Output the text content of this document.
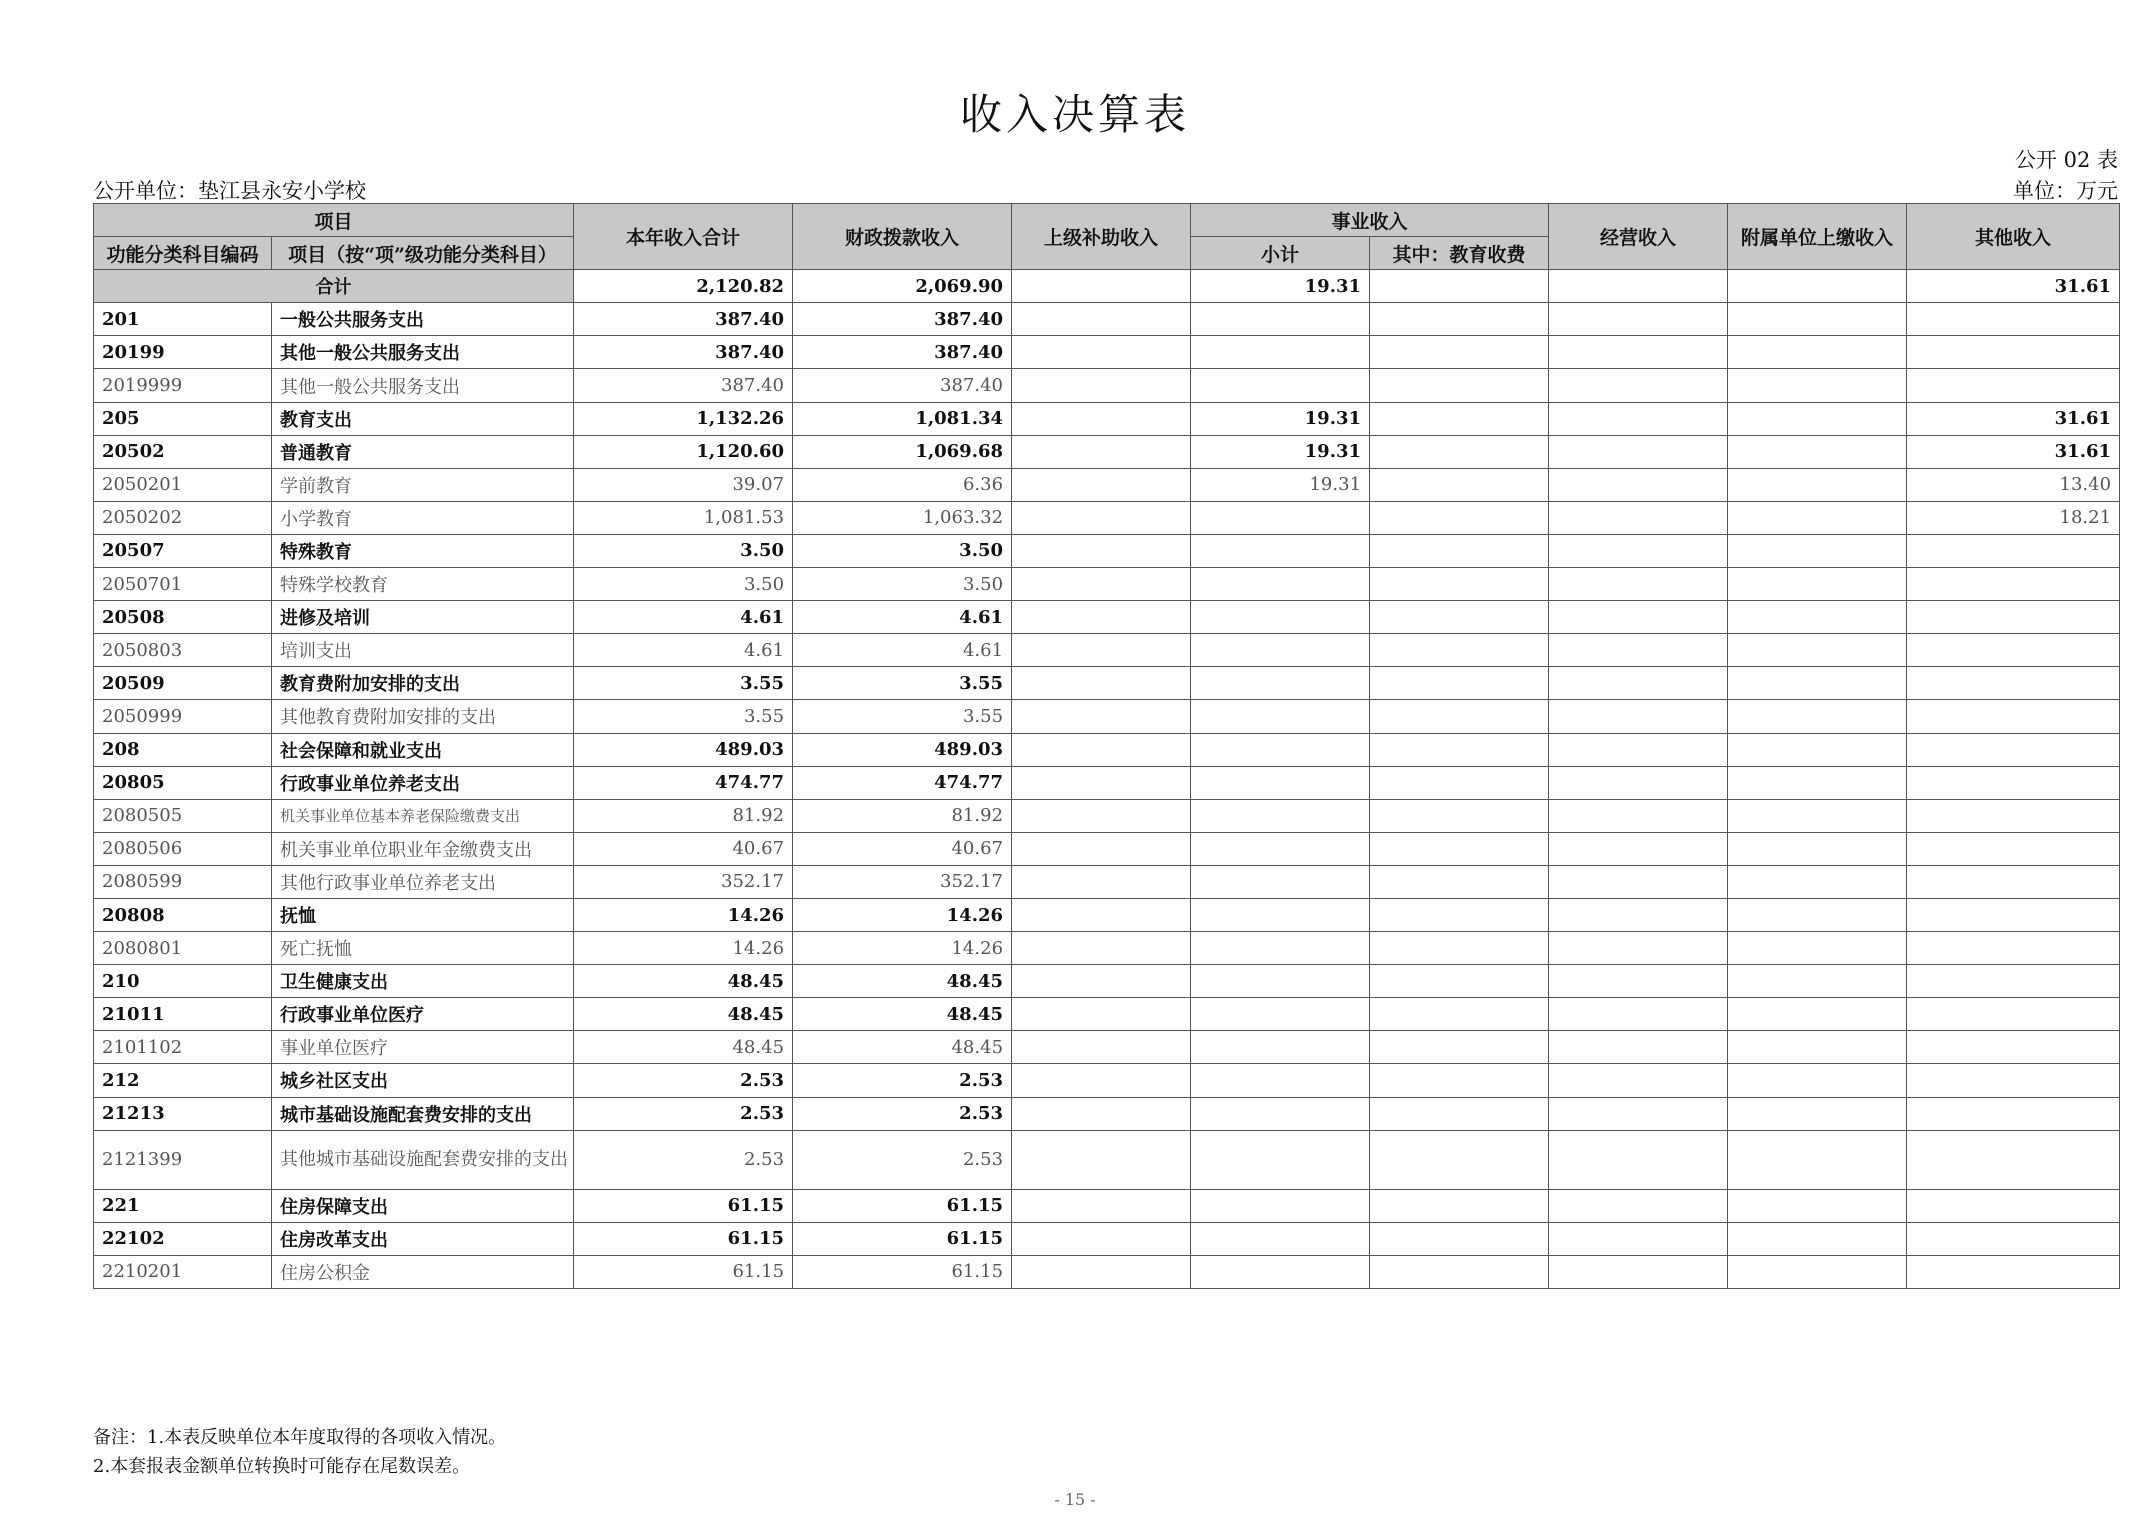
收入决算表
公开 02 表
公开单位：垫江县永安小学校	单位：万元
项目		本年收入合计	财政拨款收入	上级补助收入	事业收入		经营收入	附属单位上缴收入	其他收入
功能分类科目编码	项目（按“项”级功能分类科目）				小计	其中：教育收费			
合计		2,120.82	2,069.90		19.31				31.61
201	一般公共服务支出	387.40	387.40						
20199	其他一般公共服务支出	387.40	387.40						
2019999	其他一般公共服务支出	387.40	387.40						
205	教育支出	1,132.26	1,081.34		19.31				31.61
20502	普通教育	1,120.60	1,069.68		19.31				31.61
2050201	学前教育	39.07	6.36		19.31				13.40
2050202	小学教育	1,081.53	1,063.32						18.21
20507	特殊教育	3.50	3.50						
2050701	特殊学校教育	3.50	3.50						
20508	进修及培训	4.61	4.61						
2050803	培训支出	4.61	4.61						
20509	教育费附加安排的支出	3.55	3.55						
2050999	其他教育费附加安排的支出	3.55	3.55						
208	社会保障和就业支出	489.03	489.03						
20805	行政事业单位养老支出	474.77	474.77						
2080505	机关事业单位基本养老保险缴费支出	81.92	81.92						
2080506	机关事业单位职业年金缴费支出	40.67	40.67						
2080599	其他行政事业单位养老支出	352.17	352.17						
20808	抚恤	14.26	14.26						
2080801	死亡抚恤	14.26	14.26						
210	卫生健康支出	48.45	48.45						
21011	行政事业单位医疗	48.45	48.45						
2101102	事业单位医疗	48.45	48.45						
212	城乡社区支出	2.53	2.53						
21213	城市基础设施配套费安排的支出	2.53	2.53						
2121399	其他城市基础设施配套费安排的支出	2.53	2.53						
221	住房保障支出	61.15	61.15						
22102	住房改革支出	61.15	61.15						
2210201	住房公积金	61.15	61.15						
备注：1.本表反映单位本年度取得的各项收入情况。
2.本套报表金额单位转换时可能存在尾数误差。
- 15 -
